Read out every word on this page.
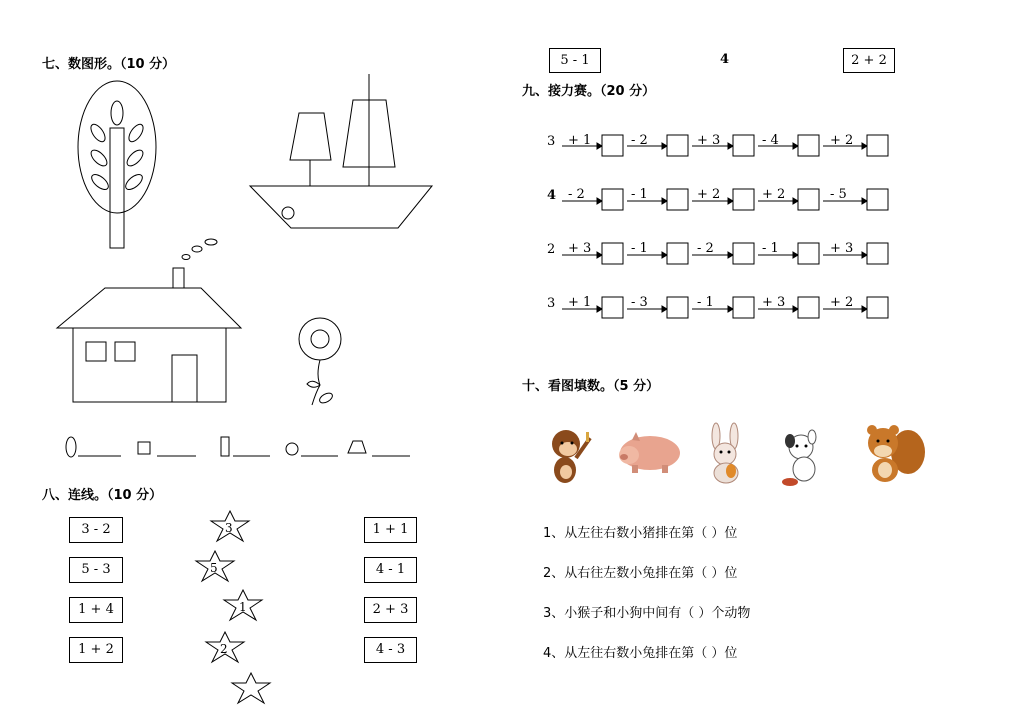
七、数图形。（10 分）
八、连线。（10 分）
3 - 2
5 - 3
1 + 4
1 + 2
3
5
1
2
1 + 1
4 - 1
2 + 3
4 - 3
5 - 1	4	2 + 2
九、接力赛。（20 分）
3 + 1	- 2	+ 3	- 4	+ 2
4 - 2	- 1	+ 2	+ 2	- 5
2 + 3	- 1	- 2	- 1	+ 3
3 + 1	- 3	- 1	+ 3	+ 2
十、看图填数。（5 分）
1、从左往右数小猪排在第（ ）位
2、从右往左数小兔排在第（ ）位
3、小猴子和小狗中间有（ ）个动物
4、从左往右数小兔排在第（ ）位
